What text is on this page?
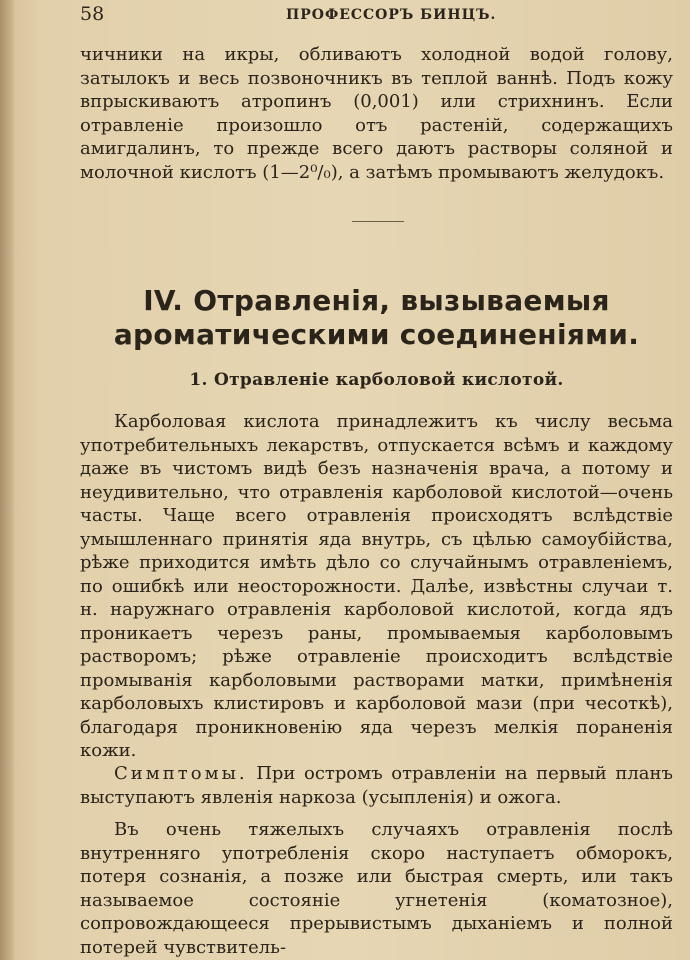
58	ПРОФЕССОРЪ БИНЦЪ.
чичники на икры, обливаютъ холодной водой голову, затылокъ и весь позвоночникъ въ теплой ваннѣ. Подъ кожу впрыскиваютъ атропинъ (0,001) или стрихнинъ. Если отравленіе произошло отъ растеній, содержащихъ амигдалинъ, то прежде всего даютъ растворы соляной и молочной кислотъ (1—2⁰/₀), а затѣмъ промываютъ желудокъ.
IV. Отравленія, вызываемыя ароматическими соединеніями.
1. Отравленіе карболовой кислотой.
Карболовая кислота принадлежитъ къ числу весьма употребительныхъ лекарствъ, отпускается всѣмъ и каждому даже въ чистомъ видѣ безъ назначенія врача, а потому и неудивительно, что отравленія карболовой кислотой—очень часты. Чаще всего отравленія происходятъ вслѣдствіе умышленнаго принятія яда внутрь, съ цѣлью самоубійства, рѣже приходится имѣть дѣло со случайнымъ отравленіемъ, по ошибкѣ или неосторожности. Далѣе, извѣстны случаи т. н. наружнаго отравленія карболовой кислотой, когда ядъ проникаетъ черезъ раны, промываемыя карболовымъ растворомъ; рѣже отравленіе происходитъ вслѣдствіе промыванія карболовыми растворами матки, примѣненія карболовыхъ клистировъ и карболовой мази (при чесоткѣ), благодаря проникновенію яда черезъ мелкія пораненія кожи.
Симптомы. При остромъ отравленіи на первый планъ выступаютъ явленія наркоза (усыпленія) и ожога.
Въ очень тяжелыхъ случаяхъ отравленія послѣ внутренняго употребленія скоро наступаетъ обморокъ, потеря сознанія, а позже или быстрая смерть, или такъ называемое состояніе угнетенія (коматозное), сопровождающееся прерывистымъ дыханіемъ и полной потерей чувствитель-
